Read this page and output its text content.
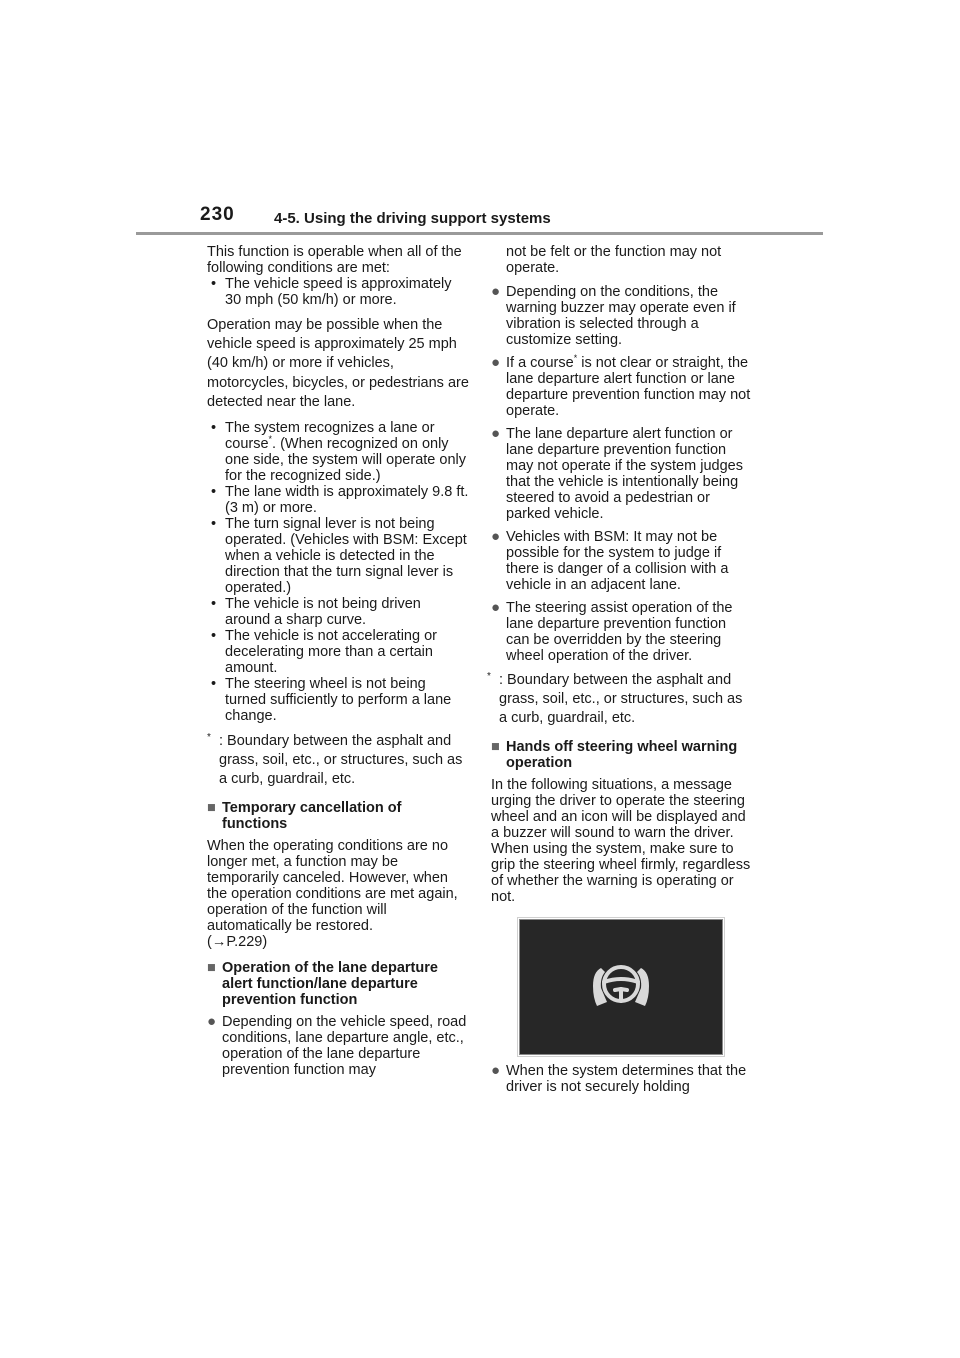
230	4-5. Using the driving support systems

This function is operable when all of the following conditions are met:

• The vehicle speed is approximately 30 mph (50 km/h) or more.

Operation may be possible when the vehicle speed is approximately 25 mph (40 km/h) or more if vehicles, motorcycles, bicycles, or pedestrians are detected near the lane.

• The system recognizes a lane or course*. (When recognized on only one side, the system will operate only for the recognized side.)
• The lane width is approximately 9.8 ft. (3 m) or more.
• The turn signal lever is not being operated. (Vehicles with BSM: Except when a vehicle is detected in the direction that the turn signal lever is operated.)
• The vehicle is not being driven around a sharp curve.
• The vehicle is not accelerating or decelerating more than a certain amount.
• The steering wheel is not being turned sufficiently to perform a lane change.
* : Boundary between the asphalt and grass, soil, etc., or structures, such as a curb, guardrail, etc.
■ Temporary cancellation of functions

When the operating conditions are no longer met, a function may be temporarily canceled. However, when the operation conditions are met again, operation of the function will automatically be restored.
(→P.229)

■ Operation of the lane departure alert function/lane departure prevention function
● Depending on the vehicle speed, road conditions, lane departure angle, etc., operation of the lane departure prevention function may

not be felt or the function may not operate.

● Depending on the conditions, the warning buzzer may operate even if vibration is selected through a customize setting.
● If a course* is not clear or straight, the lane departure alert function or lane departure prevention function may not operate.
● The lane departure alert function or lane departure prevention function may not operate if the system judges that the vehicle is intentionally being steered to avoid a pedestrian or parked vehicle.
● Vehicles with BSM: It may not be possible for the system to judge if there is danger of a collision with a vehicle in an adjacent lane.
● The steering assist operation of the lane departure prevention function can be overridden by the steering wheel operation of the driver.
* : Boundary between the asphalt and grass, soil, etc., or structures, such as a curb, guardrail, etc.
■ Hands off steering wheel warning operation

In the following situations, a message urging the driver to operate the steering wheel and an icon will be displayed and a buzzer will sound to warn the driver. When using the system, make sure to grip the steering wheel firmly, regardless of whether the warning is operating or not.

● When the system determines that the driver is not securely holding
